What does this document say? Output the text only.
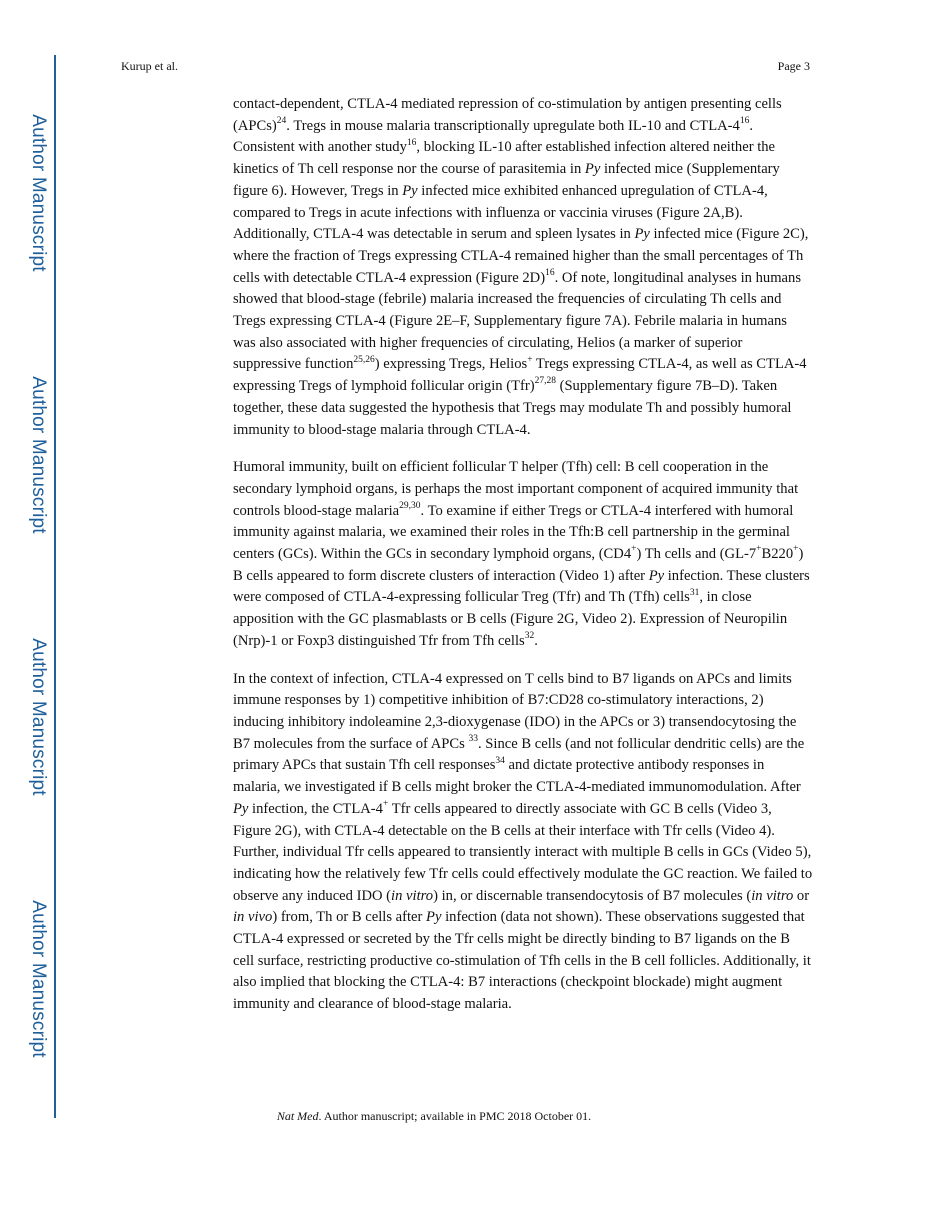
Author Manuscript
Author Manuscript
Author Manuscript
Author Manuscript
Kurup et al.	Page 3

contact-dependent, CTLA-4 mediated repression of co-stimulation by antigen presenting cells (APCs)$^{24}$. Tregs in mouse malaria transcriptionally upregulate both IL-10 and CTLA-$4^{16}$. Consistent with another study$^{16}$, blocking IL-10 after established infection altered neither the kinetics of Th cell response nor the course of parasitemia in Py infected mice (Supplementary figure 6). However, Tregs in Py infected mice exhibited enhanced upregulation of CTLA-4, compared to Tregs in acute infections with influenza or vaccinia viruses (Figure 2A,B). Additionally, CTLA-4 was detectable in serum and spleen lysates in Py infected mice (Figure 2C), where the fraction of Tregs expressing CTLA-4 remained higher than the small percentages of Th cells with detectable CTLA-4 expression (Figure 2D)$^{16}$. Of note, longitudinal analyses in humans showed that blood-stage (febrile) malaria increased the frequencies of circulating Th cells and Tregs expressing CTLA-4 (Figure 2E–F, Supplementary figure 7A). Febrile malaria in humans was also associated with higher frequencies of circulating, Helios (a marker of superior suppressive function$^{25,26}$) expressing Tregs, Helios+ Tregs expressing CTLA-4, as well as CTLA-4 expressing Tregs of lymphoid follicular origin (Tfr)$^{27,28}$ (Supplementary figure 7B–D). Taken together, these data suggested the hypothesis that Tregs may modulate Th and possibly humoral immunity to blood-stage malaria through CTLA-4.

Humoral immunity, built on efficient follicular T helper (Tfh) cell: B cell cooperation in the secondary lymphoid organs, is perhaps the most important component of acquired immunity that controls blood-stage malaria$^{29,30}$. To examine if either Tregs or CTLA-4 interfered with humoral immunity against malaria, we examined their roles in the Tfh:B cell partnership in the germinal centers (GCs). Within the GCs in secondary lymphoid organs, (CD4+) Th cells and (GL-7+B220+) B cells appeared to form discrete clusters of interaction (Video 1) after Py infection. These clusters were composed of CTLA-4-expressing follicular Treg (Tfr) and Th (Tfh) cells$^{31}$, in close apposition with the GC plasmablasts or B cells (Figure 2G, Video 2). Expression of Neuropilin (Nrp)-1 or Foxp3 distinguished Tfr from Tfh cells$^{32}$.

In the context of infection, CTLA-4 expressed on T cells bind to B7 ligands on APCs and limits immune responses by 1) competitive inhibition of B7:CD28 co-stimulatory interactions, 2) inducing inhibitory indoleamine 2,3-dioxygenase (IDO) in the APCs or 3) transendocytosing the B7 molecules from the surface of APCs $^{33}$. Since B cells (and not follicular dendritic cells) are the primary APCs that sustain Tfh cell responses$^{34}$ and dictate protective antibody responses in malaria, we investigated if B cells might broker the CTLA-4-mediated immunomodulation. After Py infection, the CTLA-4+ Tfr cells appeared to directly associate with GC B cells (Video 3, Figure 2G), with CTLA-4 detectable on the B cells at their interface with Tfr cells (Video 4). Further, individual Tfr cells appeared to transiently interact with multiple B cells in GCs (Video 5), indicating how the relatively few Tfr cells could effectively modulate the GC reaction. We failed to observe any induced IDO (in vitro) in, or discernable transendocytosis of B7 molecules (in vitro or in vivo) from, Th or B cells after Py infection (data not shown). These observations suggested that CTLA-4 expressed or secreted by the Tfr cells might be directly binding to B7 ligands on the B cell surface, restricting productive co-stimulation of Tfh cells in the B cell follicles. Additionally, it also implied that blocking the CTLA-4: B7 interactions (checkpoint blockade) might augment immunity and clearance of blood-stage malaria.

Nat Med. Author manuscript; available in PMC 2018 October 01.
